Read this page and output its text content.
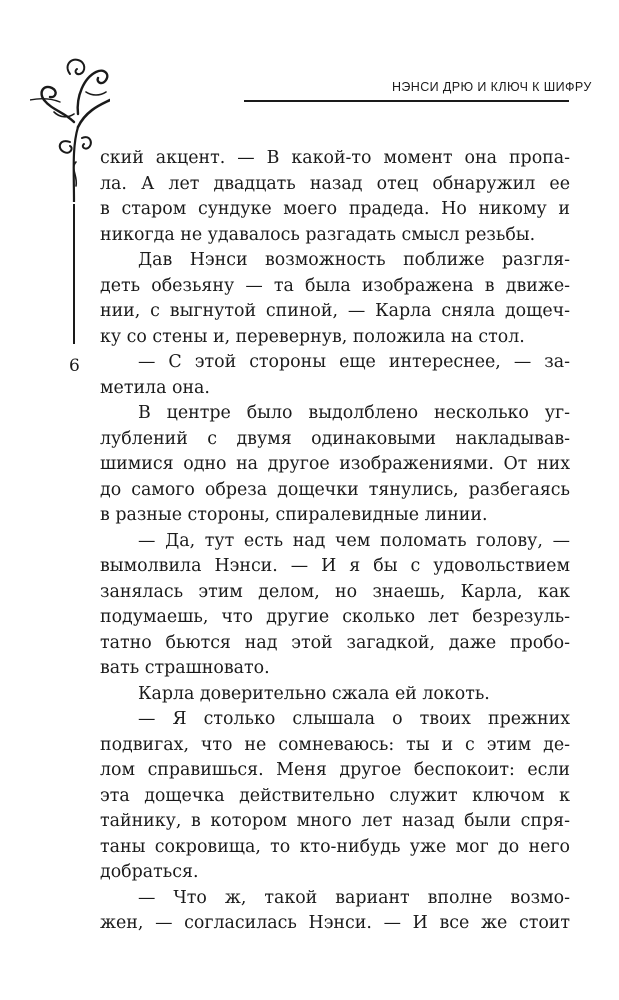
НЭНСИ ДРЮ И КЛЮЧ К ШИФРУ
6

ский акцент. — В какой-то момент она пропа-
ла. А лет двадцать назад отец обнаружил ее
в старом сундуке моего прадеда. Но никому и
никогда не удавалось разгадать смысл резьбы.

Дав Нэнси возможность поближе разгля-
деть обезьяну — та была изображена в движе-
нии, с выгнутой спиной, — Карла сняла дощеч-
ку со стены и, перевернув, положила на стол.

— С этой стороны еще интереснее, — за-
метила она.

В центре было выдолблено несколько уг-
лублений с двумя одинаковыми накладывав-
шимися одно на другое изображениями. От них
до самого обреза дощечки тянулись, разбегаясь
в разные стороны, спиралевидные линии.

— Да, тут есть над чем поломать голову, —
вымолвила Нэнси. — И я бы с удовольствием
занялась этим делом, но знаешь, Карла, как
подумаешь, что другие сколько лет безрезуль-
татно бьются над этой загадкой, даже пробо-
вать страшновато.

Карла доверительно сжала ей локоть.

— Я столько слышала о твоих прежних
подвигах, что не сомневаюсь: ты и с этим де-
лом справишься. Меня другое беспокоит: если
эта дощечка действительно служит ключом к
тайнику, в котором много лет назад были спря-
таны сокровища, то кто-нибудь уже мог до него
добраться.

— Что ж, такой вариант вполне возмо-
жен, — согласилась Нэнси. — И все же стоит
